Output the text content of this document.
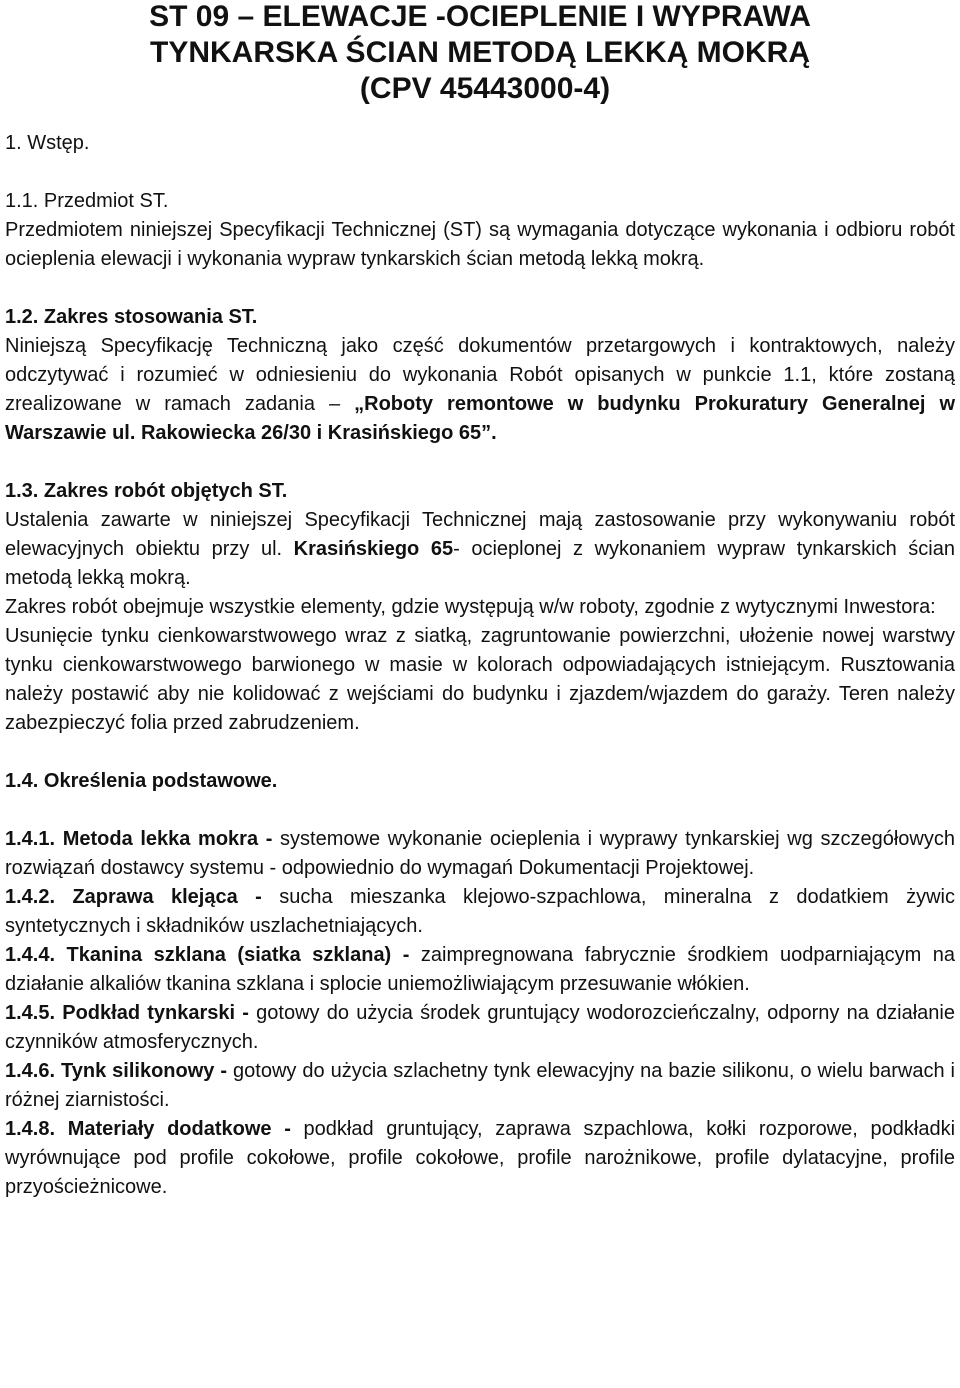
ST 09 – ELEWACJE -OCIEPLENIE I WYPRAWA
TYNKARSKA ŚCIAN METODĄ LEKKĄ MOKRĄ
(CPV 45443000-4)

1. Wstęp.

1.1. Przedmiot ST.

Przedmiotem niniejszej Specyfikacji Technicznej (ST) są wymagania dotyczące wykonania i odbioru robót ocieplenia elewacji i wykonania wypraw tynkarskich ścian metodą lekką mokrą.

1.2. Zakres stosowania ST.

Niniejszą Specyfikację Techniczną jako część dokumentów przetargowych i kontraktowych, należy odczytywać i rozumieć w odniesieniu do wykonania Robót opisanych w punkcie 1.1, które zostaną zrealizowane w ramach zadania – „Roboty remontowe w budynku Prokuratury Generalnej w Warszawie ul. Rakowiecka 26/30 i Krasińskiego 65”.

1.3. Zakres robót objętych ST.

Ustalenia zawarte w niniejszej Specyfikacji Technicznej mają zastosowanie przy wykonywaniu robót elewacyjnych obiektu przy ul. Krasińskiego 65- ocieplonej z wykonaniem wypraw tynkarskich ścian metodą lekką mokrą.

Zakres robót obejmuje wszystkie elementy, gdzie występują w/w roboty, zgodnie z wytycznymi Inwestora:

Usunięcie tynku cienkowarstwowego wraz z siatką, zagruntowanie powierzchni, ułożenie nowej warstwy tynku cienkowarstwowego barwionego w masie w kolorach odpowiadających istniejącym. Rusztowania należy postawić aby nie kolidować z wejściami do budynku i zjazdem/wjazdem do garaży. Teren należy zabezpieczyć folia przed zabrudzeniem.

1.4. Określenia podstawowe.

1.4.1. Metoda lekka mokra - systemowe wykonanie ocieplenia i wyprawy tynkarskiej wg szczegółowych rozwiązań dostawcy systemu - odpowiednio do wymagań Dokumentacji Projektowej.

1.4.2. Zaprawa klejąca - sucha mieszanka klejowo-szpachlowa, mineralna z dodatkiem żywic syntetycznych i składników uszlachetniających.

1.4.4. Tkanina szklana (siatka szklana) - zaimpregnowana fabrycznie środkiem uodparniającym na działanie alkaliów tkanina szklana i splocie uniemożliwiającym przesuwanie włókien.

1.4.5. Podkład tynkarski - gotowy do użycia środek gruntujący wodorozcieńczalny, odporny na działanie czynników atmosferycznych.

1.4.6. Tynk silikonowy - gotowy do użycia szlachetny tynk elewacyjny na bazie silikonu, o wielu barwach i różnej ziarnistości.

1.4.8. Materiały dodatkowe - podkład gruntujący, zaprawa szpachlowa, kołki rozporowe, podkładki wyrównujące pod profile cokołowe, profile cokołowe, profile narożnikowe, profile dylatacyjne, profile przyościeżnicowe.
